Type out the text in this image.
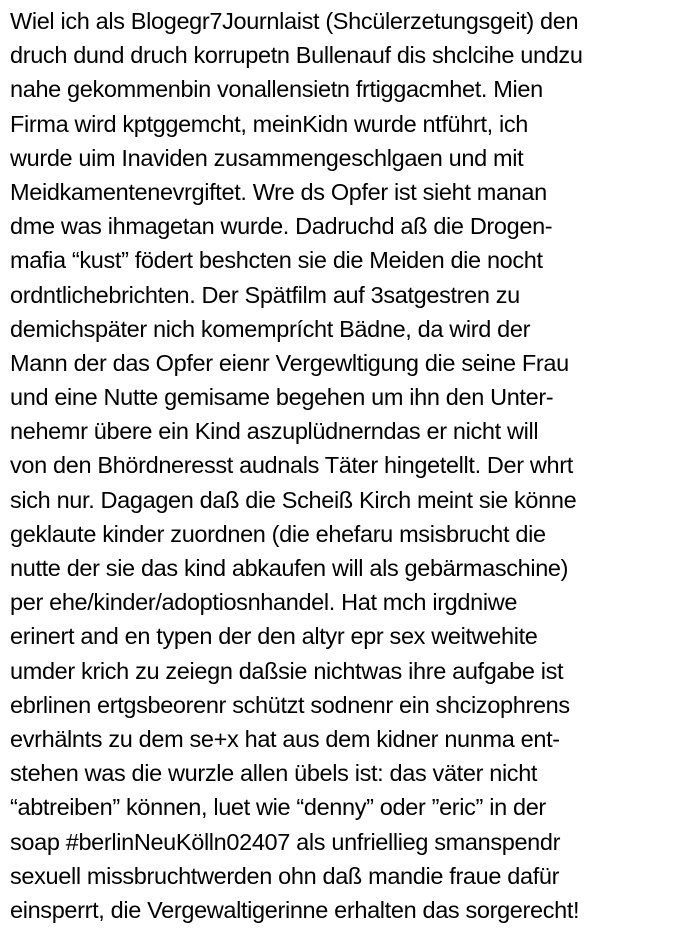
Wiel ich als Blogegr7Journlaist (Shcülerzetungsgeit) den
druch dund druch korrupetn Bullenauf dis shclcihe undzu
nahe gekommenbin vonallensietn frtiggacmhet. Mien
Firma wird kptggemcht, meinKidn wurde ntführt, ich
wurde uim Inaviden zusammengeschlgaen und mit
Meidkamentenevrgiftet. Wre ds Opfer ist sieht manan
dme was ihmagetan wurde. Dadruchd aß die Drogen-
mafia “kust” födert beshcten sie die Meiden die nocht
ordntlichebrichten. Der Spätfilm auf 3satgestren zu
demichspäter nich komemprícht Bädne, da wird der
Mann der das Opfer eienr Vergewltigung die seine Frau
und eine Nutte gemisame begehen um ihn den Unter-
nehemr übere ein Kind aszuplüdnerndas er nicht will
von den Bhördneresst audnals Täter hingetellt. Der whrt
sich nur. Dagagen daß die Scheiß Kirch meint sie könne
geklaute kinder zuordnen (die ehefaru msisbrucht die
nutte der sie das kind abkaufen will als gebärmaschine)
per ehe/kinder/adoptiosnhandel. Hat mch irgdniwe
erinert and en typen der den altyr epr sex weitwehite
umder krich zu zeiegn daßsie nichtwas ihre aufgabe ist
ebrlinen ertgsbeorenr schützt sodnenr ein shcizophrens
evrhälnts zu dem se+x hat aus dem kidner nunma ent-
stehen was die wurzle allen übels ist: das väter nicht
“abtreiben” können, luet wie “denny” oder ”eric” in der
soap #berlinNeuKölln02407 als unfriellieg smanspendr
sexuell missbruchtwerden ohn daß mandie fraue dafür
einsperrt, die Vergewaltigerinne erhalten das sorgerecht!
